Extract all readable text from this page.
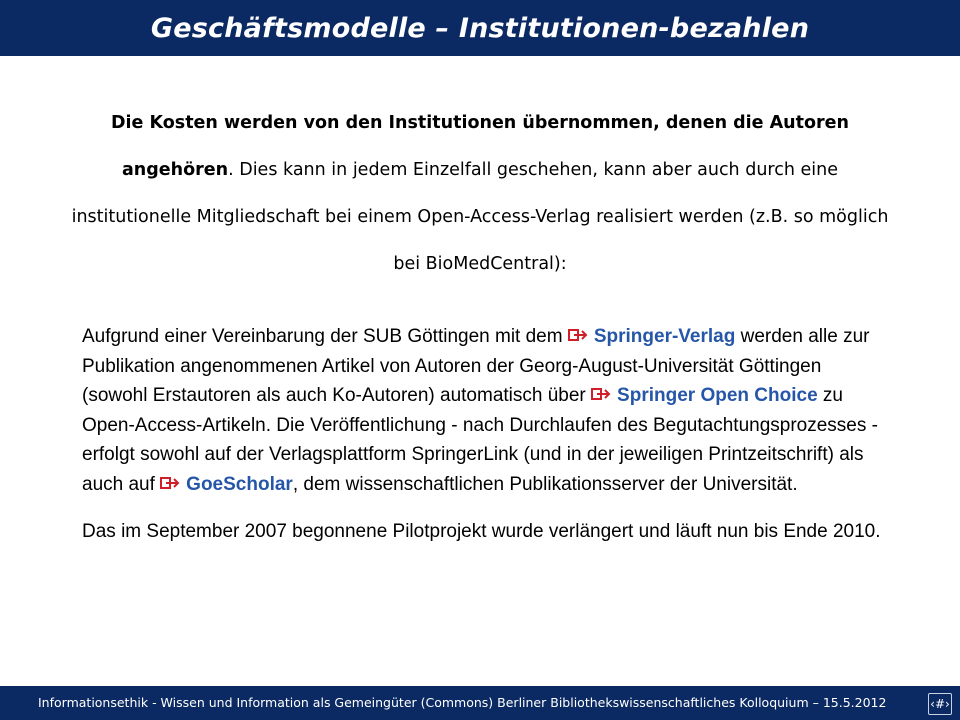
Geschäftsmodelle – Institutionen-bezahlen
Die Kosten werden von den Institutionen übernommen, denen die Autoren angehören. Dies kann in jedem Einzelfall geschehen, kann aber auch durch eine institutionelle Mitgliedschaft bei einem Open-Access-Verlag realisiert werden (z.B. so möglich bei BioMedCentral):

Aufgrund einer Vereinbarung der SUB Göttingen mit dem Springer-Verlag werden alle zur Publikation angenommenen Artikel von Autoren der Georg-August-Universität Göttingen (sowohl Erstautoren als auch Ko-Autoren) automatisch über Springer Open Choice zu Open-Access-Artikeln. Die Veröffentlichung - nach Durchlaufen des Begutachtungsprozesses - erfolgt sowohl auf der Verlagsplattform SpringerLink (und in der jeweiligen Printzeitschrift) als auch auf GoeScholar, dem wissenschaftlichen Publikationsserver der Universität.

Das im September 2007 begonnene Pilotprojekt wurde verlängert und läuft nun bis Ende 2010.

Informationsethik - Wissen und Information als Gemeingüter (Commons) Berliner Bibliothekswissenschaftliches Kolloquium – 15.5.2012	‹#›
